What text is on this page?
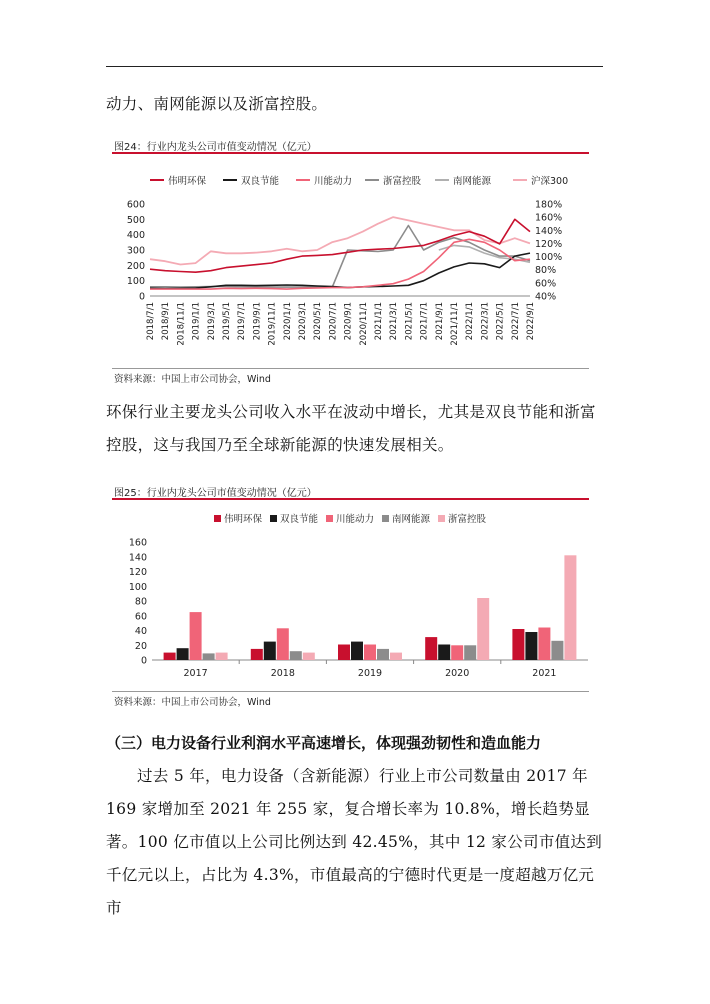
动力、南网能源以及浙富控股。

图24：行业内龙头公司市值变动情况（亿元）
伟明环保	双良节能	川能动力	浙富控股	南网能源	沪深300
0
100
200
300
400
500
600
40%
60%
80%
100%
120%
140%
160%
180%
2018/7/1 2018/9/1 2018/11/1 2019/1/1 2019/3/1 2019/5/1 2019/7/1 2019/9/1 2019/11/1 2020/1/1 2020/3/1 2020/5/1 2020/7/1 2020/9/1 2020/11/1 2021/1/1 2021/3/1 2021/5/1 2021/7/1 2021/9/1 2021/11/1 2022/1/1 2022/3/1 2022/5/1 2022/7/1 2022/9/1
资料来源：中国上市公司协会，Wind

环保行业主要龙头公司收入水平在波动中增长，尤其是双良节能和浙富控股，这与我国乃至全球新能源的快速发展相关。

图25：行业内龙头公司市值变动情况（亿元）
伟明环保 双良节能 川能动力 南网能源 浙富控股
0
20
40
60
80
100
120
140
160
2017	2018	2019	2020	2021
资料来源：中国上市公司协会，Wind
（三）电力设备行业利润水平高速增长，体现强劲韧性和造血能力

过去 5 年，电力设备（含新能源）行业上市公司数量由 2017 年 169 家增加至 2021 年 255 家，复合增长率为 10.8%，增长趋势显著。100 亿市值以上公司比例达到 42.45%，其中 12 家公司市值达到千亿元以上，占比为 4.3%，市值最高的宁德时代更是一度超越万亿元市
